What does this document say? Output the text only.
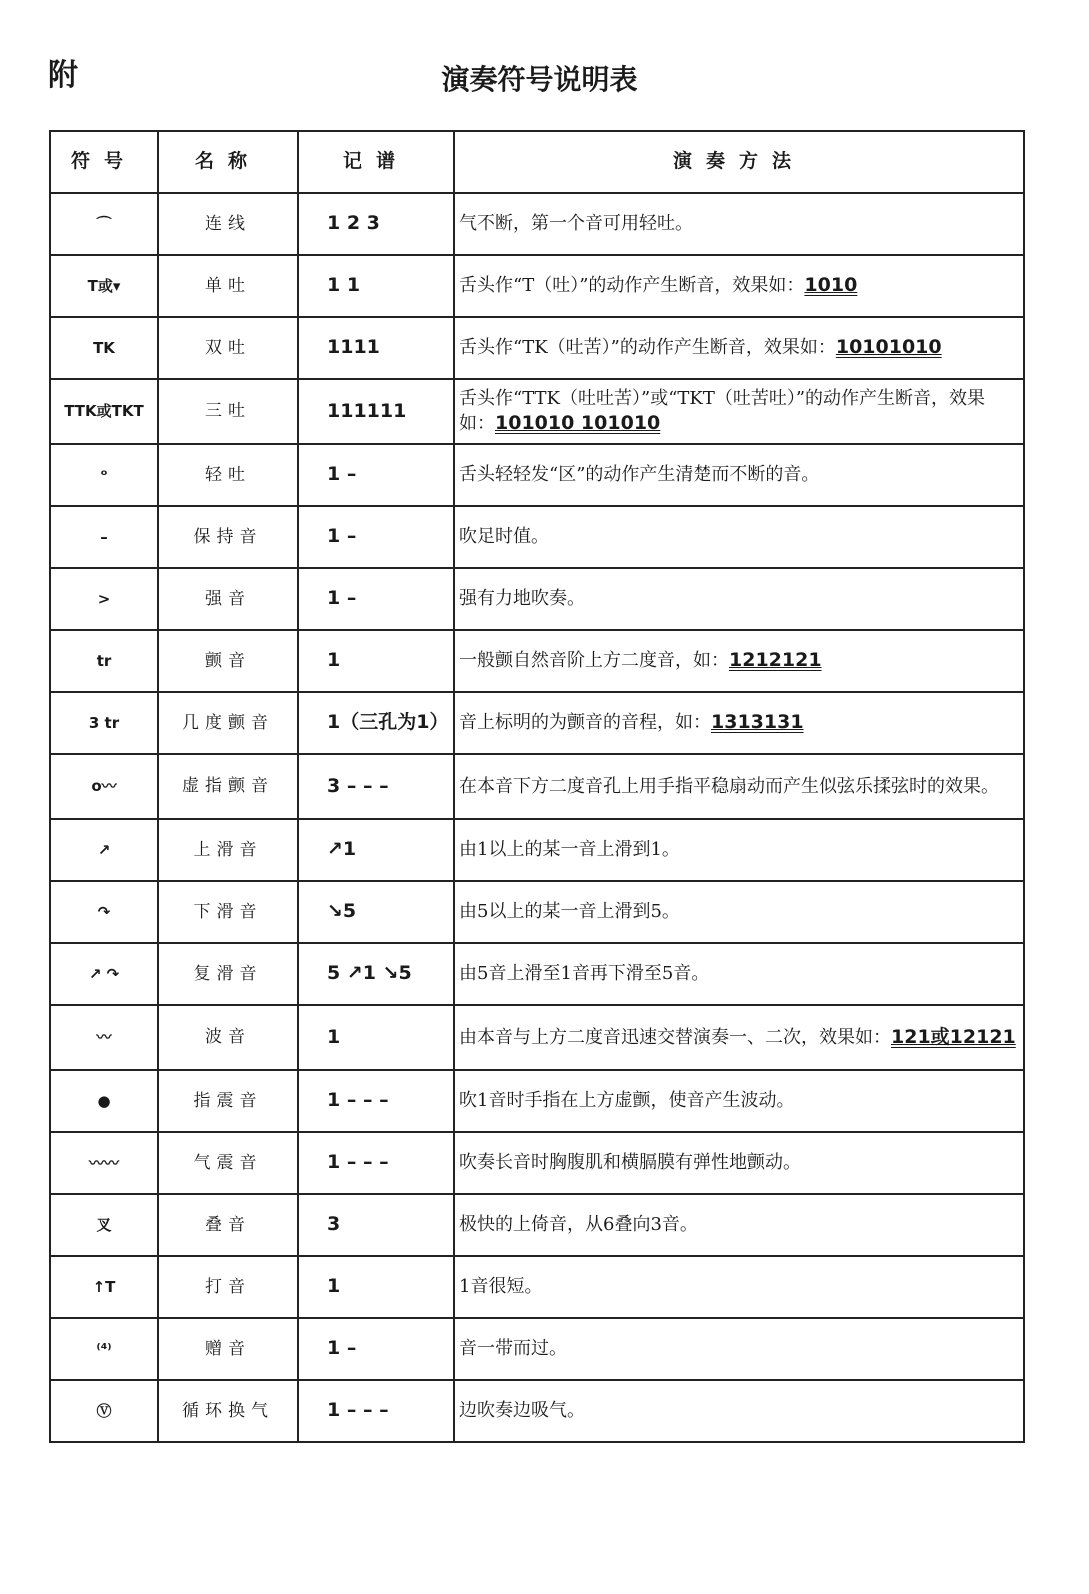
附	演奏符号说明表
符号	名称	记谱	演奏方法
⌒	连线	1 2 3	气不断，第一个音可用轻吐。
T或▾	单吐	1 1	舌头作“T（吐）”的动作产生断音，效果如：1010
TK	双吐	1111	舌头作“TK（吐苦）”的动作产生断音，效果如：10101010
TTK或TKT	三吐	111111	舌头作“TTK（吐吐苦）”或“TKT（吐苦吐）”的动作产生断音，效果如：101010 101010
ᵒ	轻吐	1 –	舌头轻轻发“区”的动作产生清楚而不断的音。
–	保持音	1 –	吹足时值。
>	强音	1 –	强有力地吹奏。
tr	颤音	1	一般颤自然音阶上方二度音，如：1212121
3 tr	几度颤音	1（三孔为1）	音上标明的为颤音的音程，如：1313131
o〰	虚指颤音	3 – – –	在本音下方二度音孔上用手指平稳扇动而产生似弦乐揉弦时的效果。
↗	上滑音	↗1	由1以上的某一音上滑到1。
↷	下滑音	↘5	由5以上的某一音上滑到5。
↗ ↷	复滑音	5 ↗1 ↘5	由5音上滑至1音再下滑至5音。
〰	波音	1	由本音与上方二度音迅速交替演奏一、二次，效果如：121或12121
●	指震音	1 – – –	吹1音时手指在上方虚颤，使音产生波动。
〰〰	气震音	1 – – –	吹奏长音时胸腹肌和横膈膜有弹性地颤动。
叉	叠音	3	极快的上倚音，从6叠向3音。
↑T	打音	1	1音很短。
⁽⁴⁾	赠音	1 –	音一带而过。
Ⓥ	循环换气	1 – – –	边吹奏边吸气。
